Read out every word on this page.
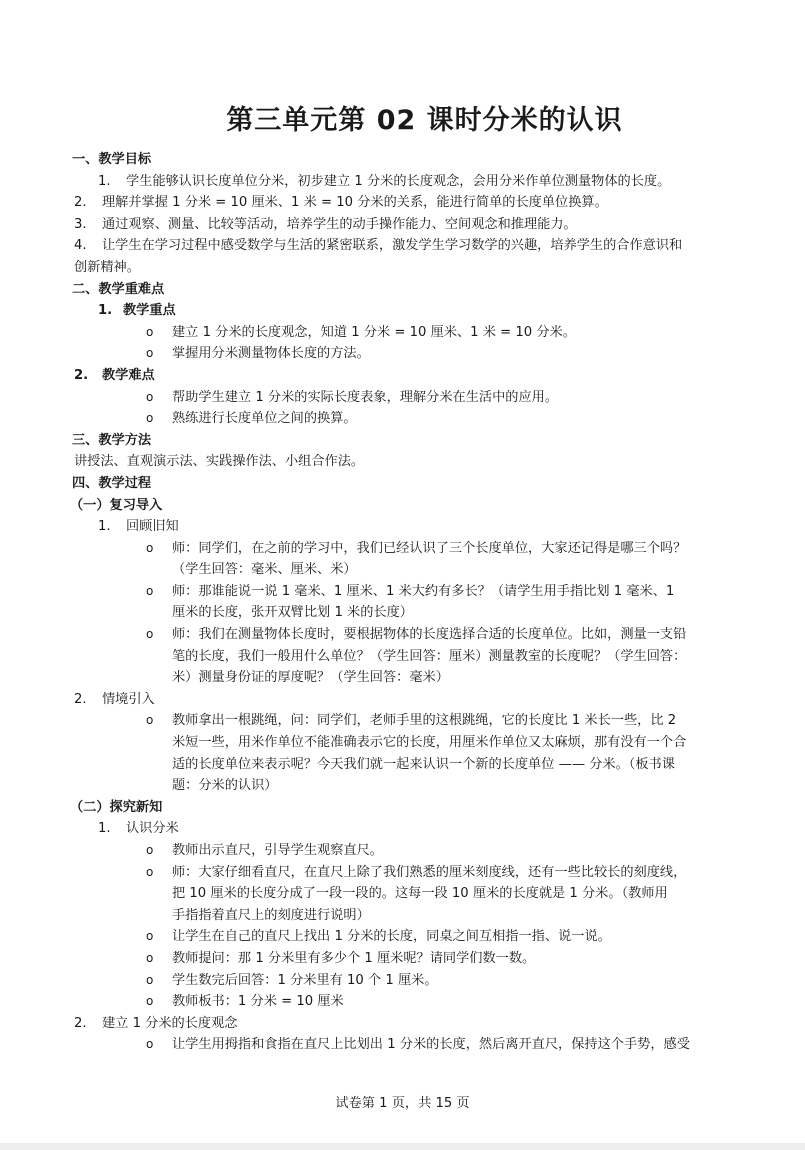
第三单元第 02 课时分米的认识
一、教学目标
1. 学生能够认识长度单位分米，初步建立 1 分米的长度观念，会用分米作单位测量物体的长度。
2. 理解并掌握 1 分米 = 10 厘米、1 米 = 10 分米的关系，能进行简单的长度单位换算。
3. 通过观察、测量、比较等活动，培养学生的动手操作能力、空间观念和推理能力。
4. 让学生在学习过程中感受数学与生活的紧密联系，激发学生学习数学的兴趣，培养学生的合作意识和
创新精神。
二、教学重难点
1. 教学重点
o 建立 1 分米的长度观念，知道 1 分米 = 10 厘米、1 米 = 10 分米。
o 掌握用分米测量物体长度的方法。
2. 教学难点
o 帮助学生建立 1 分米的实际长度表象，理解分米在生活中的应用。
o 熟练进行长度单位之间的换算。
三、教学方法
讲授法、直观演示法、实践操作法、小组合作法。
四、教学过程
（一）复习导入
1. 回顾旧知
o 师：同学们，在之前的学习中，我们已经认识了三个长度单位，大家还记得是哪三个吗？
（学生回答：毫米、厘米、米）
o 师：那谁能说一说 1 毫米、1 厘米、1 米大约有多长？（请学生用手指比划 1 毫米、1
厘米的长度，张开双臂比划 1 米的长度）
o 师：我们在测量物体长度时，要根据物体的长度选择合适的长度单位。比如，测量一支铅
笔的长度，我们一般用什么单位？（学生回答：厘米）测量教室的长度呢？（学生回答：
米）测量身份证的厚度呢？（学生回答：毫米）
2. 情境引入
o 教师拿出一根跳绳，问：同学们，老师手里的这根跳绳，它的长度比 1 米长一些，比 2
米短一些，用米作单位不能准确表示它的长度，用厘米作单位又太麻烦，那有没有一个合
适的长度单位来表示呢？今天我们就一起来认识一个新的长度单位 —— 分米。（板书课
题：分米的认识）
（二）探究新知
1. 认识分米
o 教师出示直尺，引导学生观察直尺。
o 师：大家仔细看直尺，在直尺上除了我们熟悉的厘米刻度线，还有一些比较长的刻度线，
把 10 厘米的长度分成了一段一段的。这每一段 10 厘米的长度就是 1 分米。（教师用
手指指着直尺上的刻度进行说明）
o 让学生在自己的直尺上找出 1 分米的长度，同桌之间互相指一指、说一说。
o 教师提问：那 1 分米里有多少个 1 厘米呢？请同学们数一数。
o 学生数完后回答：1 分米里有 10 个 1 厘米。
o 教师板书：1 分米 = 10 厘米
2. 建立 1 分米的长度观念
o 让学生用拇指和食指在直尺上比划出 1 分米的长度，然后离开直尺，保持这个手势，感受
试卷第 1 页，共 15 页
